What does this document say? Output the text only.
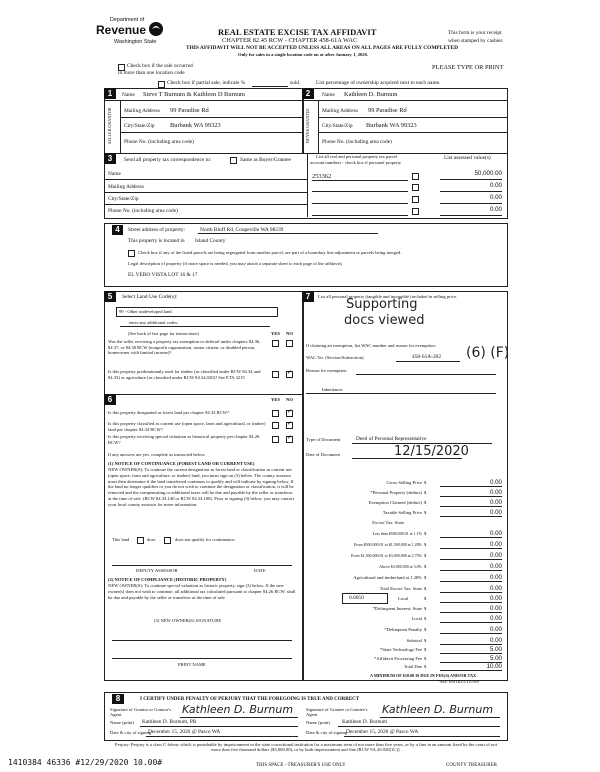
Department of
Revenue
Washington State
REAL ESTATE EXCISE TAX AFFIDAVIT
CHAPTER 82.45 RCW - CHAPTER 458-61A WAC
THIS AFFIDAVIT WILL NOT BE ACCEPTED UNLESS ALL AREAS ON ALL PAGES ARE FULLY COMPLETED
Only for sales in a single location code on or after January 1, 2020.
This form is your receipt
when stamped by cashier.
PLEASE TYPE OR PRINT
Check box if the sale occurred
in more than one location code
Check box if partial sale, indicate %	sold.	List percentage of ownership acquired next to each name.
1	Name Steve T Burnum & Kathleen D Burnum
SELLER GRANTOR	Mailing Address 99 Paradise Rd
City/State/Zip Burbank WA 99323
Phone No. (including area code)
2	Name Kathleen D. Burnum
BUYER GRANTEE	Mailing Address 99 Paradise Rd
City/State/Zip Burbank WA 99323
Phone No. (including area code)
3	Send all property tax correspondence to:	Same as Buyer/Grantee
List all real and personal property tax parcel
account numbers - check box if personal property
List assessed value(s)
Name
Mailing Address
City/State/Zip
Phone No. (including area code)
253362	50,000.00
0.00
0.00
0.00
4	Street address of property:	North Bluff Rd, Coupeville WA 98239
This property is located in Island County
Check box if any of the listed parcels are being segregated from another parcel, are part of a boundary line adjustment or parcels being merged.
Legal description of property (if more space is needed, you may attach a separate sheet to each page of the affidavit)
EL VERO VISTA LOT 16 & 17
5	Select Land Use Code(s):
99 - Other undeveloped land
enter any additional codes:
(See back of last page for instructions)	YES NO
Was the seller receiving a property tax exemption or deferral under chapters 84.36, 84.37, or 84.38 RCW (nonprofit organization, senior citizen, or disabled person, homeowner with limited income)?
Is this property predominantly used for timber (as classified under RCW 84.34 and 84.33) or agriculture (as classified under RCW 84.34.020)? See ETA 3215
✓
6	YES NO
Is this property designated as forest land per chapter 84.33 RCW?
✓
Is this property classified as current use (open space, farm and agricultural, or timber) land per chapter 84.34 RCW?
✓
Is this property receiving special valuation as historical property per chapter 84.26 RCW?
✓
If any answers are yes, complete as instructed below.
(1) NOTICE OF CONTINUANCE (FOREST LAND OR CURRENT USE)
NEW OWNER(S): To continue the current designation as forest land or classification as current use (open space, farm and agriculture, or timber) land, you must sign on (3) below. The county assessor must then determine if the land transferred continues to qualify and will indicate by signing below. If the land no longer qualifies or you do not wish to continue the designation or classification, it will be removed and the compensating or additional taxes will be due and payable by the seller or transferor at the time of sale. (RCW 84.33.140 or RCW 84.34.108). Prior to signing (3) below, you may contact your local county assessor for more information.
This land	does	does not qualify for continuance.
DEPUTY ASSESSOR	DATE
(2) NOTICE OF COMPLIANCE (HISTORIC PROPERTY)
NEW OWNER(S): To continue special valuation as historic property, sign (3) below. If the new owner(s) does not wish to continue, all additional tax calculated pursuant to chapter 84.26 RCW, shall be due and payable by the seller or transferor at the time of sale.
(3) NEW OWNER(S) SIGNATURE
PRINT NAME
7	List all personal property (tangible and intangible) included in selling price.
Supporting
docs viewed
If claiming an exemption, list WAC number and reason for exemption:
WAC No. (Section/Subsection)	458-61A-202 (6) (F)
Reason for exemption
Inheritance
Type of Document	Deed of Personal Representative
Date of Document	12/15/2020
Gross Selling Price $	0.00
*Personal Property (deduct) $	0.00
Exemption Claimed (deduct) $	0.00
Taxable Selling Price $	0.00
Excise Tax: State
Less than $500,000.01 at 1.1% $	0.00
From $500,000.01 to $1,500,000 at 1.28% $	0.00
From $1,500,000.01 to $3,000,000 at 2.75% $	0.00
Above $3,000,000 at 3.0% $	0.00
Agricultural and timberland at 1.28% $	0.00
Total Excise Tax: State $	0.00
0.0050	Local	$	0.00
*Delinquent Interest: State $	0.00
Local $	0.00
*Delinquent Penalty $	0.00
Subtotal $	0.00
*State Technology Fee $	5.00
*Affidavit Processing Fee $	5.00
Total Due $	10.00
A MINIMUM OF $10.00 IS DUE IN FEE(S) AND/OR TAX
*SEE INSTRUCTIONS
8	I CERTIFY UNDER PENALTY OF PERJURY THAT THE FOREGOING IS TRUE AND CORRECT
Signature of Grantor or Grantor's Agent	Kathleen D. Burnum
Name (print) Kathleen D. Burnum, PR
Date & city of signing
December 15, 2020 @ Pasco WA
Signature of Grantee or Grantee's Agent	Kathleen D. Burnum
Name (print) Kathleen D. Burnum
Date & city of signing
December 15, 2020 @ Pasco WA
Perjury: Perjury is a class C felony which is punishable by imprisonment in the state correctional institution for a maximum term of not more than five years, or by a fine in an amount fixed by the court of not more than five thousand dollars ($5,000.00), or by both imprisonment and fine (RCW 9A.20.020(1C)).
1410384 46336 #12/29/2020 10.00#	THIS SPACE - TREASURER'S USE ONLY	COUNTY TREASURER
